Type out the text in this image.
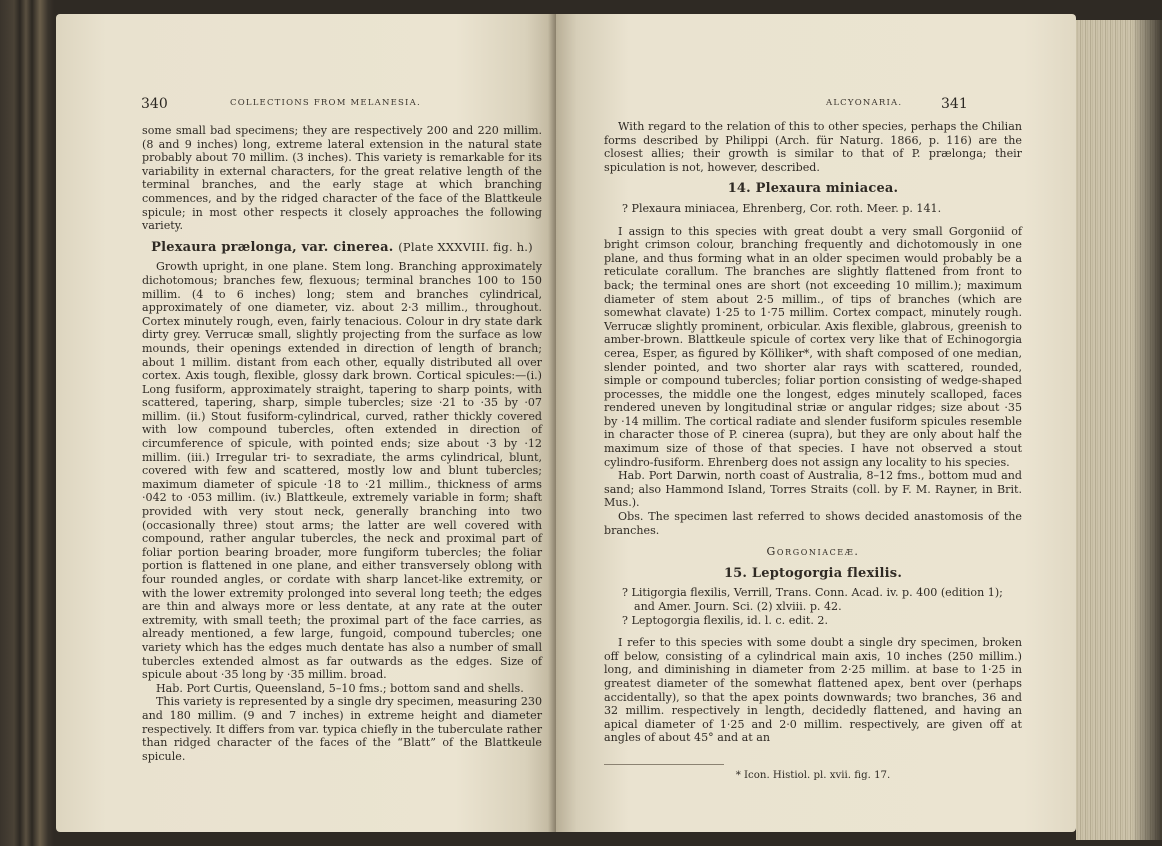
340	COLLECTIONS FROM MELANESIA.

some small bad specimens; they are respectively 200 and 220 millim. (8 and 9 inches) long, extreme lateral extension in the natural state probably about 70 millim. (3 inches). This variety is remarkable for its variability in external characters, for the great relative length of the terminal branches, and the early stage at which branching commences, and by the ridged character of the face of the Blattkeule spicule; in most other respects it closely approaches the following variety.

Plexaura prælonga, var. cinerea. (Plate XXXVIII. fig. h.)

Growth upright, in one plane. Stem long. Branching approximately dichotomous; branches few, flexuous; terminal branches 100 to 150 millim. (4 to 6 inches) long; stem and branches cylindrical, approximately of one diameter, viz. about 2·3 millim., throughout. Cortex minutely rough, even, fairly tenacious. Colour in dry state dark dirty grey. Verrucæ small, slightly projecting from the surface as low mounds, their openings extended in direction of length of branch; about 1 millim. distant from each other, equally distributed all over cortex. Axis tough, flexible, glossy dark brown. Cortical spicules:—(i.) Long fusiform, approximately straight, tapering to sharp points, with scattered, tapering, sharp, simple tubercles; size ·21 to ·35 by ·07 millim. (ii.) Stout fusiform-cylindrical, curved, rather thickly covered with low compound tubercles, often extended in direction of circumference of spicule, with pointed ends; size about ·3 by ·12 millim. (iii.) Irregular tri- to sexradiate, the arms cylindrical, blunt, covered with few and scattered, mostly low and blunt tubercles; maximum diameter of spicule ·18 to ·21 millim., thickness of arms ·042 to ·053 millim. (iv.) Blattkeule, extremely variable in form; shaft provided with very stout neck, generally branching into two (occasionally three) stout arms; the latter are well covered with compound, rather angular tubercles, the neck and proximal part of foliar portion bearing broader, more fungiform tubercles; the foliar portion is flattened in one plane, and either transversely oblong with four rounded angles, or cordate with sharp lancet-like extremity, or with the lower extremity prolonged into several long teeth; the edges are thin and always more or less dentate, at any rate at the outer extremity, with small teeth; the proximal part of the face carries, as already mentioned, a few large, fungoid, compound tubercles; one variety which has the edges much dentate has also a number of small tubercles extended almost as far outwards as the edges. Size of spicule about ·35 long by ·35 millim. broad.

Hab. Port Curtis, Queensland, 5–10 fms.; bottom sand and shells.

This variety is represented by a single dry specimen, measuring 230 and 180 millim. (9 and 7 inches) in extreme height and diameter respectively. It differs from var. typica chiefly in the tuberculate rather than ridged character of the faces of the “Blatt” of the Blattkeule spicule.

ALCYONARIA.	341

With regard to the relation of this to other species, perhaps the Chilian forms described by Philippi (Arch. für Naturg. 1866, p. 116) are the closest allies; their growth is similar to that of P. prælonga; their spiculation is not, however, described.

14. Plexaura miniacea.

? Plexaura miniacea, Ehrenberg, Cor. roth. Meer. p. 141.

I assign to this species with great doubt a very small Gorgoniid of bright crimson colour, branching frequently and dichotomously in one plane, and thus forming what in an older specimen would probably be a reticulate corallum. The branches are slightly flattened from front to back; the terminal ones are short (not exceeding 10 millim.); maximum diameter of stem about 2·5 millim., of tips of branches (which are somewhat clavate) 1·25 to 1·75 millim. Cortex compact, minutely rough. Verrucæ slightly prominent, orbicular. Axis flexible, glabrous, greenish to amber-brown. Blattkeule spicule of cortex very like that of Echinogorgia cerea, Esper, as figured by Kölliker*, with shaft composed of one median, slender pointed, and two shorter alar rays with scattered, rounded, simple or compound tubercles; foliar portion consisting of wedge-shaped processes, the middle one the longest, edges minutely scalloped, faces rendered uneven by longitudinal striæ or angular ridges; size about ·35 by ·14 millim. The cortical radiate and slender fusiform spicules resemble in character those of P. cinerea (supra), but they are only about half the maximum size of those of that species. I have not observed a stout cylindro-fusiform. Ehrenberg does not assign any locality to his species.

Hab. Port Darwin, north coast of Australia, 8–12 fms., bottom mud and sand; also Hammond Island, Torres Straits (coll. by F. M. Rayner, in Brit. Mus.).

Obs. The specimen last referred to shows decided anastomosis of the branches.

Gorgoniaceæ.
15. Leptogorgia flexilis.

? Litigorgia flexilis, Verrill, Trans. Conn. Acad. iv. p. 400 (edition 1);

and Amer. Journ. Sci. (2) xlviii. p. 42.

? Leptogorgia flexilis, id. l. c. edit. 2.

I refer to this species with some doubt a single dry specimen, broken off below, consisting of a cylindrical main axis, 10 inches (250 millim.) long, and diminishing in diameter from 2·25 millim. at base to 1·25 in greatest diameter of the somewhat flattened apex, bent over (perhaps accidentally), so that the apex points downwards; two branches, 36 and 32 millim. respectively in length, decidedly flattened, and having an apical diameter of 1·25 and 2·0 millim. respectively, are given off at angles of about 45° and at an

* Icon. Histiol. pl. xvii. fig. 17.
